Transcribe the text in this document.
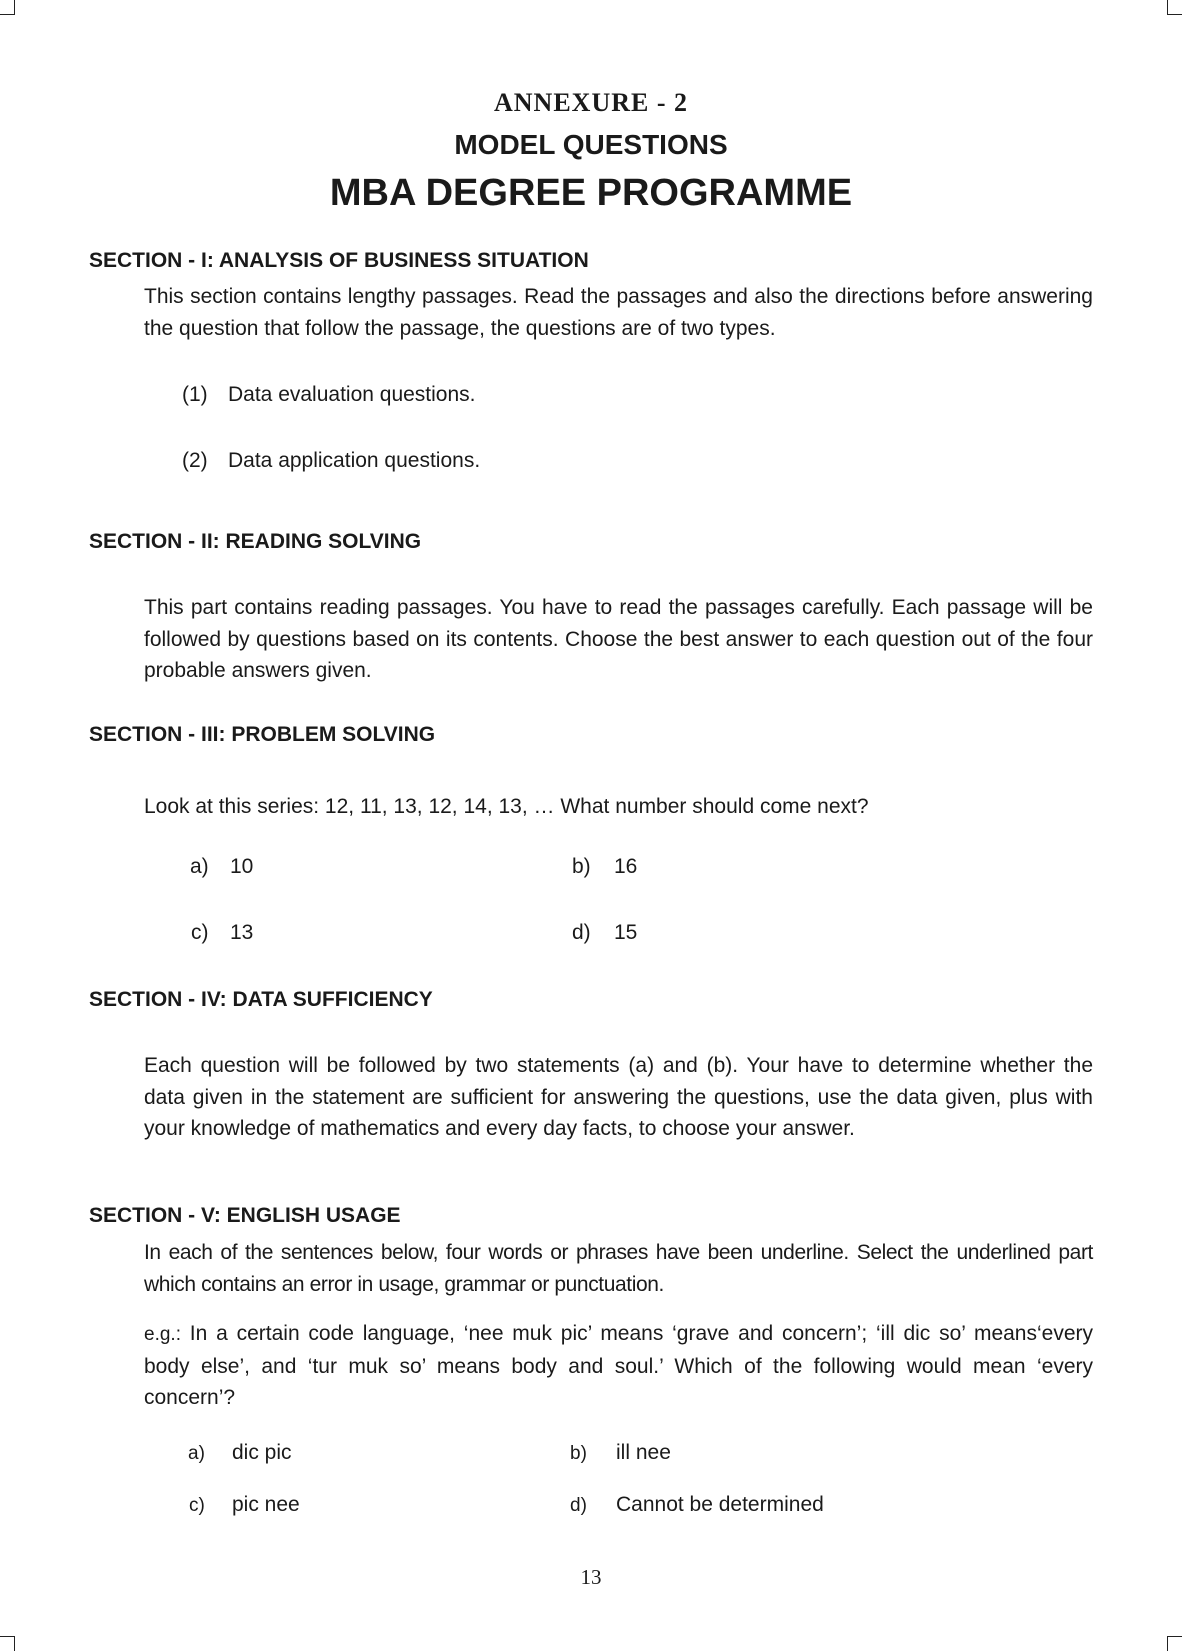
ANNEXURE - 2
MODEL QUESTIONS
MBA DEGREE PROGRAMME
SECTION - I: ANALYSIS OF BUSINESS SITUATION

This section contains lengthy passages. Read the passages and also the directions before answering the question that follow the passage, the questions are of two types.

(1) Data evaluation questions.
(2) Data application questions.
SECTION - II: READING SOLVING

This part contains reading passages. You have to read the passages carefully. Each passage will be followed by questions based on its contents. Choose the best answer to each question out of the four probable answers given.

SECTION - III: PROBLEM SOLVING

Look at this series: 12, 11, 13, 12, 14, 13, … What number should come next?

a) 10	b) 16
c) 13	d) 15
SECTION - IV: DATA SUFFICIENCY

Each question will be followed by two statements (a) and (b). Your have to determine whether the data given in the statement are sufficient for answering the questions, use the data given, plus with your knowledge of mathematics and every day facts, to choose your answer.

SECTION - V: ENGLISH USAGE

In each of the sentences below, four words or phrases have been underline. Select the underlined part which contains an error in usage, grammar or punctuation.

e.g.: In a certain code language, ‘nee muk pic’ means ‘grave and concern’; ‘ill dic so’ means‘every body else’, and ‘tur muk so’ means body and soul.’ Which of the following would mean ‘every concern’?

a) dic pic	b) ill nee
c) pic nee	d) Cannot be determined
13
